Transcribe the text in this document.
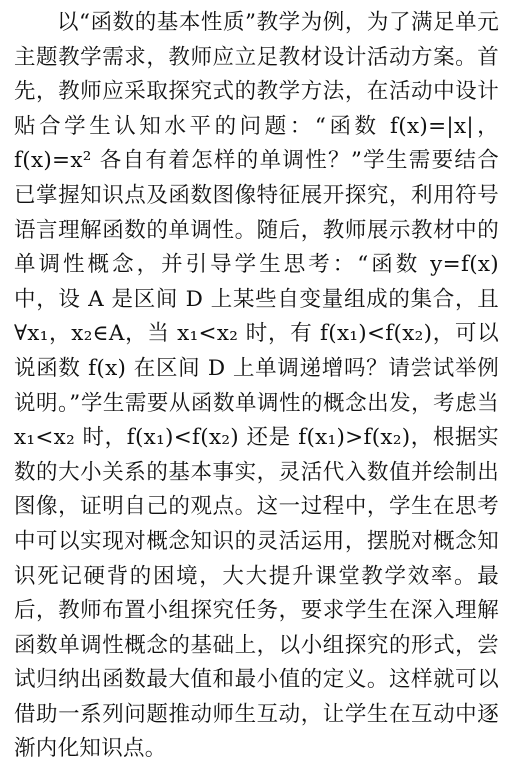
以“函数的基本性质”教学为例，为了满足单元主题教学需求，教师应立足教材设计活动方案。首先，教师应采取探究式的教学方法，在活动中设计贴合学生认知水平的问题：“函数 f(x)=|x|，f(x)=x² 各自有着怎样的单调性？”学生需要结合已掌握知识点及函数图像特征展开探究，利用符号语言理解函数的单调性。随后，教师展示教材中的单调性概念，并引导学生思考：“函数 y=f(x) 中，设 A 是区间 D 上某些自变量组成的集合，且 ∀x₁，x₂∈A，当 x₁<x₂ 时，有 f(x₁)<f(x₂)，可以说函数 f(x) 在区间 D 上单调递增吗？请尝试举例说明。”学生需要从函数单调性的概念出发，考虑当 x₁<x₂ 时，f(x₁)<f(x₂) 还是 f(x₁)>f(x₂)，根据实数的大小关系的基本事实，灵活代入数值并绘制出图像，证明自己的观点。这一过程中，学生在思考中可以实现对概念知识的灵活运用，摆脱对概念知识死记硬背的困境，大大提升课堂教学效率。最后，教师布置小组探究任务，要求学生在深入理解函数单调性概念的基础上，以小组探究的形式，尝试归纳出函数最大值和最小值的定义。这样就可以借助一系列问题推动师生互动，让学生在互动中逐渐内化知识点。
